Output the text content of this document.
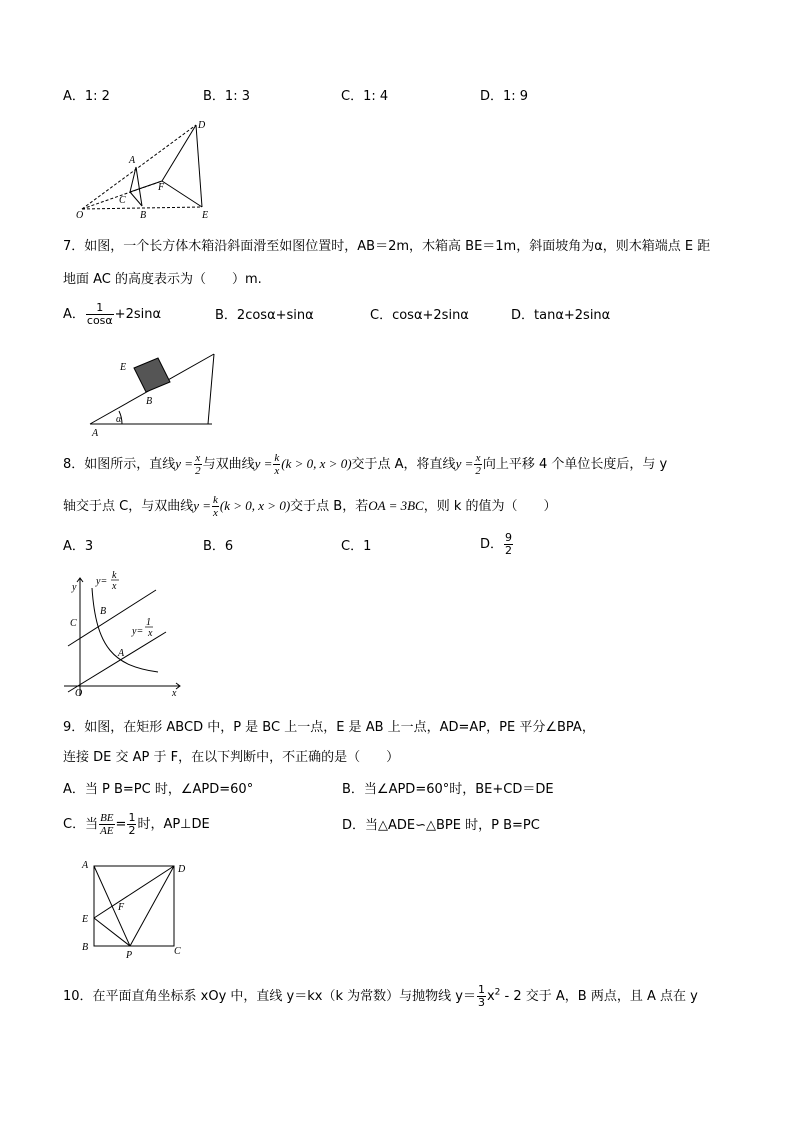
A．1: 2	B．1: 3	C．1: 4	D．1: 9
D
A
F
C
O	B	E
7．如图，一个长方体木箱沿斜面滑至如图位置时，AB＝2m，木箱高 BE＝1m，斜面坡角为α，则木箱端点 E 距
地面 AC 的高度表示为（　　）m.
A． $\frac{1}{\cos\alpha} +2\sin\alpha$	B．2cosα+sinα	C．cosα+2sinα	D．tanα+2sinα
E
B
α
A
8．如图所示，直线$y = \frac{x}{2}$ 与双曲线$y = \frac{k}{x} (k > 0$, x > 0)交于点 A，将直线$y = \frac{x}{2}$ 向上平移 4 个单位长度后，与 y
轴交于点 C，与双曲线$y = \frac{k}{x} (k > 0$, x > 0)交于点 B，若OA = 3BC，则 k 的值为（　　）
A．3	B．6	C．1	D． $\frac{9}{2}$
y
y=
k
x
B
C
y=
1
x
A
O	x
9．如图，在矩形 ABCD 中，P 是 BC 上一点，E 是 AB 上一点，AD=AP，PE 平分∠BPA，
连接 DE 交 AP 于 F，在以下判断中，不正确的是（　　）
A．当 P B=PC 时，∠APD=60°	B．当∠APD=60°时，BE+CD＝DE
C．当 $\frac{BE}{AE} = \frac{1}{2}$ 时，AP⊥DE	D．当△ADE∽△BPE 时，P B=PC
A	D
F
E
B
P	C
10．在平面直角坐标系 xOy 中，直线 y＝kx（k 为常数）与抛物线 $y= \frac{1}{3} x^2 - 2$ 交于 A，B 两点，且 A 点在 y
